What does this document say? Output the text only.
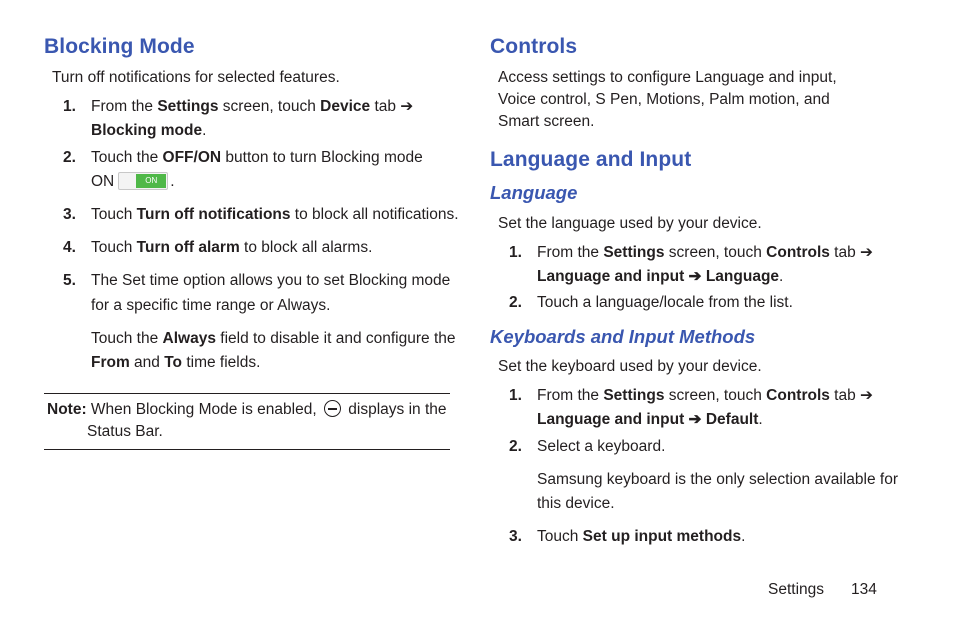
Blocking Mode
Turn off notifications for selected features.
1. From the Settings screen, touch Device tab ➔
Blocking mode.
2. Touch the OFF/ON button to turn Blocking mode
ON	ON .
3. Touch Turn off notifications to block all notifications.
4. Touch Turn off alarm to block all alarms.
5. The Set time option allows you to set Blocking mode
for a specific time range or Always.
Touch the Always field to disable it and configure the
From and To time fields.
Note: When Blocking Mode is enabled,  displays in the
Status Bar.
Controls
Access settings to configure Language and input,
Voice control, S Pen, Motions, Palm motion, and
Smart screen.
Language and Input
Language
Set the language used by your device.
1. From the Settings screen, touch Controls tab ➔
Language and input ➔ Language.
2. Touch a language/locale from the list.
Keyboards and Input Methods
Set the keyboard used by your device.
1. From the Settings screen, touch Controls tab ➔
Language and input ➔ Default.
2. Select a keyboard.
Samsung keyboard is the only selection available for
this device.
3. Touch Set up input methods.
Settings 134
